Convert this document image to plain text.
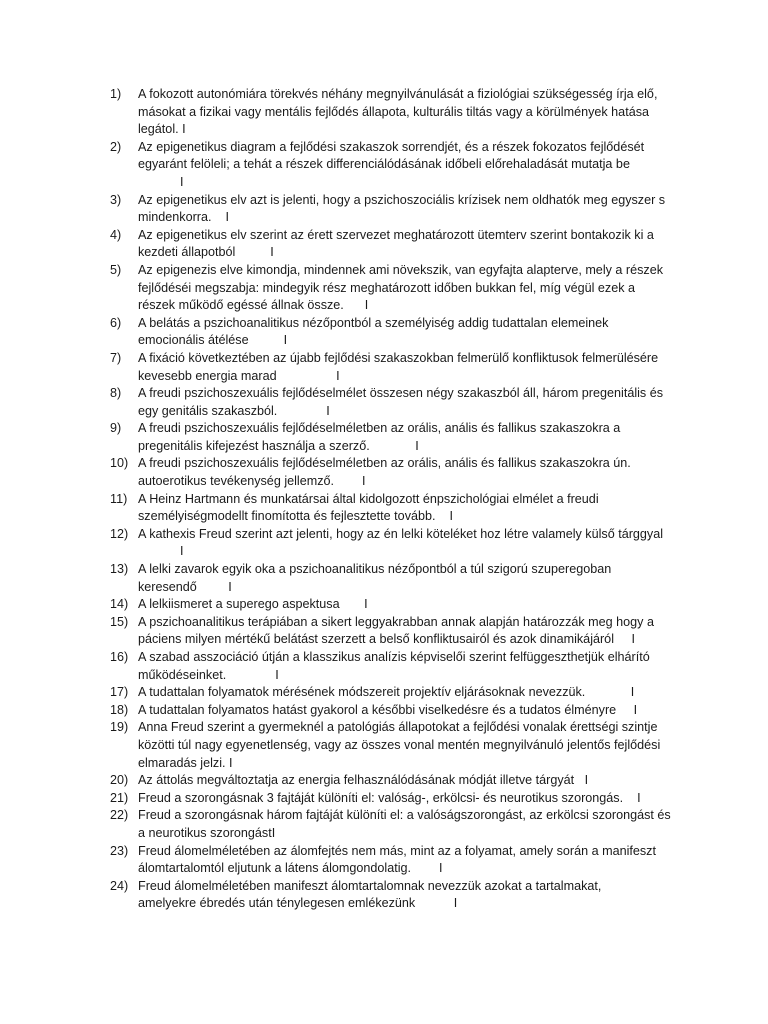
1)	A fokozott autonómiára törekvés néhány megnyilvánulását a fiziológiai szükségesség írja elő,
másokat a fizikai vagy mentális fejlődés állapota, kulturális tiltás vagy a körülmények hatása
legátol. I
2)	Az epigenetikus diagram a fejlődési szakaszok sorrendjét, és a részek fokozatos fejlődését
egyaránt felöleli; a tehát a részek differenciálódásának időbeli előrehaladását mutatja be
I
3)	Az epigenetikus elv azt is jelenti, hogy a pszichoszociális krízisek nem oldhatók meg egyszer s
mindenkorra.    I
4)	Az epigenetikus elv szerint az érett szervezet meghatározott ütemterv szerint bontakozik ki a
kezdeti állapotból          I
5)	Az epigenezis elve kimondja, mindennek ami növekszik, van egyfajta alapterve, mely a részek
fejlődéséi megszabja: mindegyik rész meghatározott időben bukkan fel, míg végül ezek a
részek működő egéssé állnak össze.      I
6)	A belátás a pszichoanalitikus nézőpontból a személyiség addig tudattalan elemeinek
emocionális átélése          I
7)	A fixáció következtében az újabb fejlődési szakaszokban felmerülő konfliktusok felmerülésére
kevesebb energia marad                 I
8)	A freudi pszichoszexuális fejlődéselmélet összesen négy szakaszból áll, három pregenitális és
egy genitális szakaszból.              I
9)	A freudi pszichoszexuális fejlődéselméletben az orális, anális és fallikus szakaszokra a
pregenitális kifejezést használja a szerző.             I
10) A freudi pszichoszexuális fejlődéselméletben az orális, anális és fallikus szakaszokra ún.
autoerotikus tevékenység jellemző.        I
11) A Heinz Hartmann és munkatársai által kidolgozott énpszichológiai elmélet a freudi
személyiségmodellt finomította és fejlesztette tovább.    I
12) A kathexis Freud szerint azt jelenti, hogy az én lelki köteléket hoz létre valamely külső tárggyal
I
13) A lelki zavarok egyik oka a pszichoanalitikus nézőpontból a túl szigorú szuperegoban
keresendő         I
14) A lelkiismeret a superego aspektusa       I
15) A pszichoanalitikus terápiában a sikert leggyakrabban annak alapján határozzák meg hogy a
páciens milyen mértékű belátást szerzett a belső konfliktusairól és azok dinamikájáról     I
16) A szabad asszociáció útján a klasszikus analízis képviselői szerint felfüggeszthetjük elhárító
működéseinket.              I
17) A tudattalan folyamatok mérésének módszereit projektív eljárásoknak nevezzük.             I
18) A tudattalan folyamatos hatást gyakorol a későbbi viselkedésre és a tudatos élményre     I
19) Anna Freud szerint a gyermeknél a patológiás állapotokat a fejlődési vonalak érettségi szintje
közötti túl nagy egyenetlenség, vagy az összes vonal mentén megnyilvánuló jelentős fejlődési
elmaradás jelzi. I
20) Az áttolás megváltoztatja az energia felhasználódásának módját illetve tárgyát   I
21) Freud a szorongásnak 3 fajtáját különíti el: valóság-, erkölcsi- és neurotikus szorongás.    I
22) Freud a szorongásnak három fajtáját különíti el: a valóságszorongást, az erkölcsi szorongást és
a neurotikus szorongástI
23) Freud álomelméletében az álomfejtés nem más, mint az a folyamat, amely során a manifeszt
álomtartalomtól eljutunk a látens álomgondolatig.        I
24) Freud álomelméletében manifeszt álomtartalomnak nevezzük azokat a tartalmakat,
amelyekre ébredés után ténylegesen emlékezünk           I
